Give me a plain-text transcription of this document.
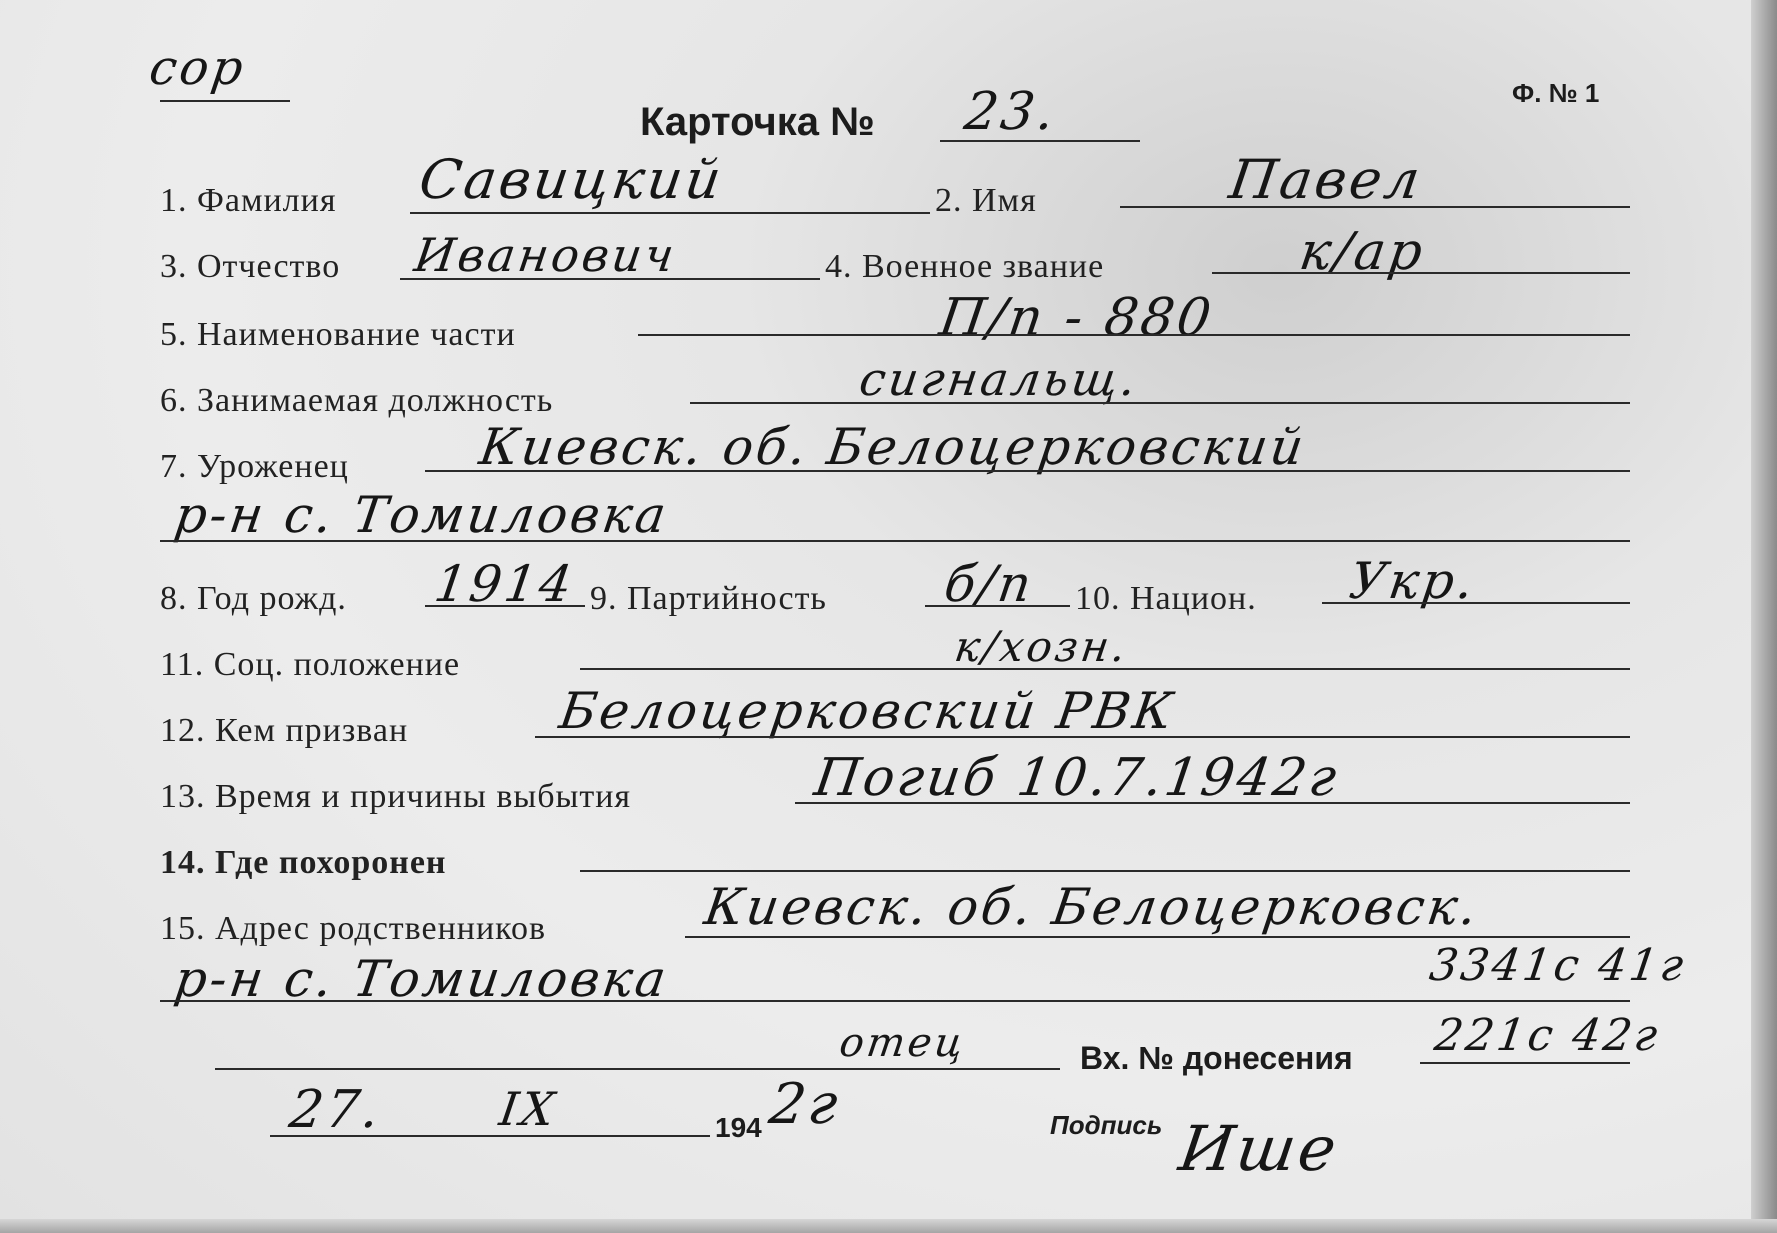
сор
Карточка № 23.	Ф. № 1
1. Фамилия Савицкий	2. Имя	Павел
3. Отчество Иванович	4. Военное звание	к/ар
5. Наименование части	П/п - 880
6. Занимаемая должность	сигнальщ.
7. Уроженец	Киевск. об. Белоцерковский
р-н с. Томиловка
8. Год рожд. 1914 9. Партийность б/п 10. Национ. Укр.
11. Соц. положение	к/хозн.
12. Кем призван	Белоцерковский РВК
13. Время и причины выбытия	Погиб 10.7.1942г
14. Где похоронен
15. Адрес родственников	Киевск. об. Белоцерковск.
р-н с. Томиловка	3341с 41г
отец	Вх. № донесения 221с 42г
27. IX	194 2г	Подпись Ише
